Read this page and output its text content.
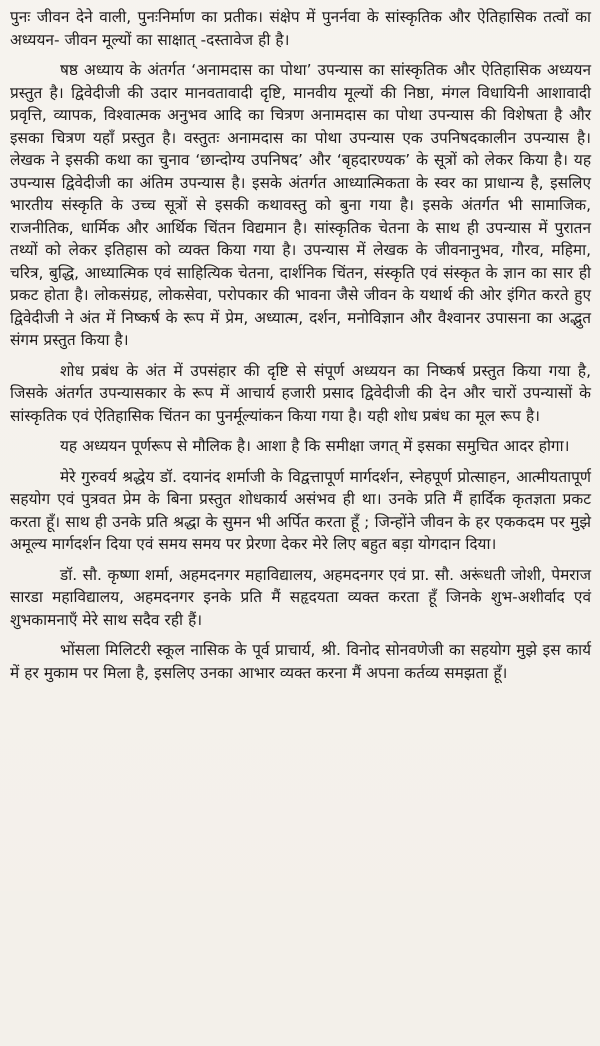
पुनः जीवन देने वाली, पुनःनिर्माण का प्रतीक। संक्षेप में पुनर्नवा के सांस्कृतिक और ऐतिहासिक तत्वों का अध्ययन- जीवन मूल्यों का साक्षात् -दस्तावेज ही है।

षष्ठ अध्याय के अंतर्गत ‘अनामदास का पोथा’ उपन्यास का सांस्कृतिक और ऐतिहासिक अध्ययन प्रस्तुत है। द्विवेदीजी की उदार मानवतावादी दृष्टि, मानवीय मूल्यों की निष्ठा, मंगल विधायिनी आशावादी प्रवृत्ति, व्यापक, विश्वात्मक अनुभव आदि का चित्रण अनामदास का पोथा उपन्यास की विशेषता है और इसका चित्रण यहाँ प्रस्तुत है। वस्तुतः अनामदास का पोथा उपन्यास एक उपनिषदकालीन उपन्यास है। लेखक ने इसकी कथा का चुनाव ‘छान्दोग्य उपनिषद’ और ‘बृहदारण्यक’ के सूत्रों को लेकर किया है। यह उपन्यास द्विवेदीजी का अंतिम उपन्यास है। इसके अंतर्गत आध्यात्मिकता के स्वर का प्राधान्य है, इसलिए भारतीय संस्कृति के उच्च सूत्रों से इसकी कथावस्तु को बुना गया है। इसके अंतर्गत भी सामाजिक, राजनीतिक, धार्मिक और आर्थिक चिंतन विद्यमान है। सांस्कृतिक चेतना के साथ ही उपन्यास में पुरातन तथ्यों को लेकर इतिहास को व्यक्त किया गया है। उपन्यास में लेखक के जीवनानुभव, गौरव, महिमा, चरित्र, बुद्धि, आध्यात्मिक एवं साहित्यिक चेतना, दार्शनिक चिंतन, संस्कृति एवं संस्कृत के ज्ञान का सार ही प्रकट होता है। लोकसंग्रह, लोकसेवा, परोपकार की भावना जैसे जीवन के यथार्थ की ओर इंगित करते हुए द्विवेदीजी ने अंत में निष्कर्ष के रूप में प्रेम, अध्यात्म, दर्शन, मनोविज्ञान और वैश्वानर उपासना का अद्भुत संगम प्रस्तुत किया है।

शोध प्रबंध के अंत में उपसंहार की दृष्टि से संपूर्ण अध्ययन का निष्कर्ष प्रस्तुत किया गया है, जिसके अंतर्गत उपन्यासकार के रूप में आचार्य हजारी प्रसाद द्विवेदीजी की देन और चारों उपन्यासों के सांस्कृतिक एवं ऐतिहासिक चिंतन का पुनर्मूल्यांकन किया गया है। यही शोध प्रबंध का मूल रूप है।

यह अध्ययन पूर्णरूप से मौलिक है। आशा है कि समीक्षा जगत् में इसका समुचित आदर होगा।

मेरे गुरुवर्य श्रद्धेय डॉ. दयानंद शर्माजी के विद्वत्तापूर्ण मार्गदर्शन, स्नेहपूर्ण प्रोत्साहन, आत्मीयतापूर्ण सहयोग एवं पुत्रवत प्रेम के बिना प्रस्तुत शोधकार्य असंभव ही था। उनके प्रति मैं हार्दिक कृतज्ञता प्रकट करता हूँ। साथ ही उनके प्रति श्रद्धा के सुमन भी अर्पित करता हूँ ; जिन्होंने जीवन के हर एककदम पर मुझे अमूल्य मार्गदर्शन दिया एवं समय समय पर प्रेरणा देकर मेरे लिए बहुत बड़ा योगदान दिया।

डॉ. सौ. कृष्णा शर्मा, अहमदनगर महाविद्यालय, अहमदनगर एवं प्रा. सौ. अरूंधती जोशी, पेमराज सारडा महाविद्यालय, अहमदनगर इनके प्रति मैं सहृदयता व्यक्त करता हूँ जिनके शुभ-अशीर्वाद एवं शुभकामनाएँ मेरे साथ सदैव रही हैं।

भोंसला मिलिटरी स्कूल नासिक के पूर्व प्राचार्य, श्री. विनोद सोनवणेजी का सहयोग मुझे इस कार्य में हर मुकाम पर मिला है, इसलिए उनका आभार व्यक्त करना मैं अपना कर्तव्य समझता हूँ।
